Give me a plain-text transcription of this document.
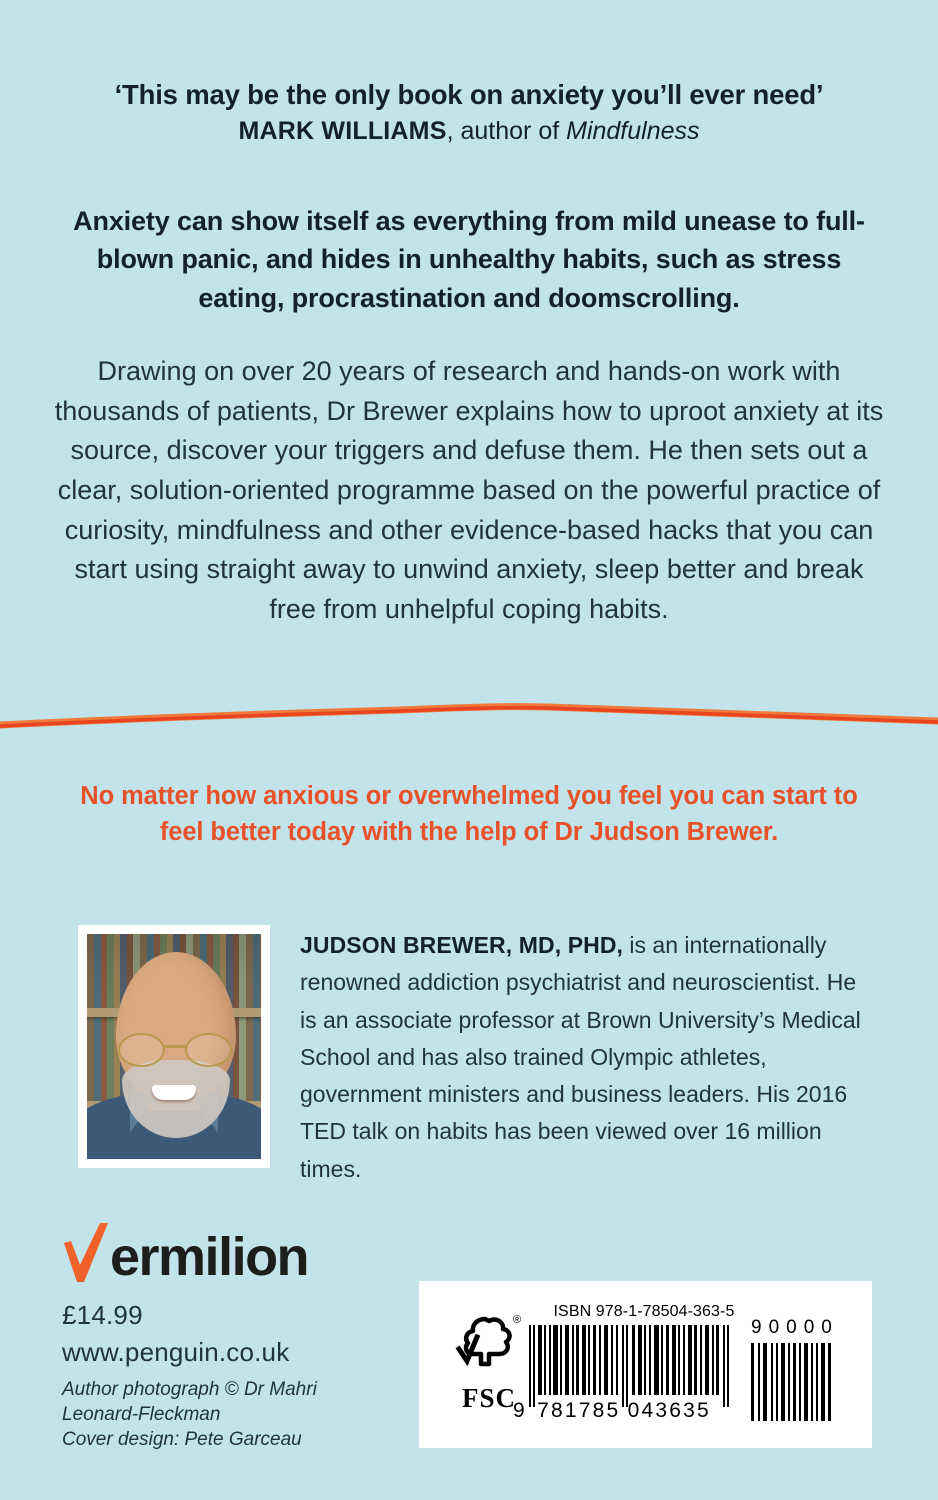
‘This may be the only book on anxiety you’ll ever need’
MARK WILLIAMS, author of Mindfulness
Anxiety can show itself as everything from mild unease to full-blown panic, and hides in unhealthy habits, such as stress eating, procrastination and doomscrolling.
Drawing on over 20 years of research and hands-on work with thousands of patients, Dr Brewer explains how to uproot anxiety at its source, discover your triggers and defuse them. He then sets out a clear, solution-oriented programme based on the powerful practice of curiosity, mindfulness and other evidence-based hacks that you can start using straight away to unwind anxiety, sleep better and break free from unhelpful coping habits.
No matter how anxious or overwhelmed you feel you can start to feel better today with the help of Dr Judson Brewer.
JUDSON BREWER, MD, PHD, is an internationally renowned addiction psychiatrist and neuroscientist. He is an associate professor at Brown University’s Medical School and has also trained Olympic athletes, government ministers and business leaders. His 2016 TED talk on habits has been viewed over 16 million times.
ermilion
£14.99
www.penguin.co.uk
Author photograph © Dr Mahri Leonard-Fleckman
Cover design: Pete Garceau
®
FSC
ISBN 978-1-78504-363-5
9 781785 043635
90000
